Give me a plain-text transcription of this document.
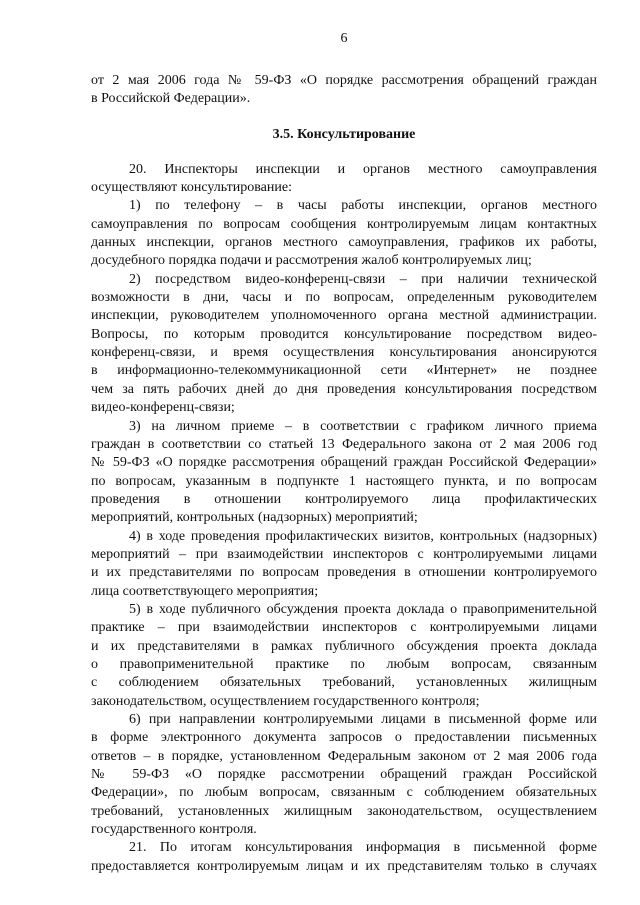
6
от 2 мая 2006 года № 59-ФЗ «О порядке рассмотрения обращений граждан
в Российской Федерации».
3.5. Консультирование
20. Инспекторы инспекции и органов местного самоуправления
осуществляют консультирование:
1) по телефону – в часы работы инспекции, органов местного
самоуправления по вопросам сообщения контролируемым лицам контактных
данных инспекции, органов местного самоуправления, графиков их работы,
досудебного порядка подачи и рассмотрения жалоб контролируемых лиц;
2) посредством видео-конференц-связи – при наличии технической
возможности в дни, часы и по вопросам, определенным руководителем
инспекции, руководителем уполномоченного органа местной администрации.
Вопросы, по которым проводится консультирование посредством видео-
конференц-связи, и время осуществления консультирования анонсируются
в информационно-телекоммуникационной сети «Интернет» не позднее
чем за пять рабочих дней до дня проведения консультирования посредством
видео-конференц-связи;
3) на личном приеме – в соответствии с графиком личного приема
граждан в соответствии со статьей 13 Федерального закона от 2 мая 2006 год
№ 59-ФЗ «О порядке рассмотрения обращений граждан Российской Федерации»
по вопросам, указанным в подпункте 1 настоящего пункта, и по вопросам
проведения в отношении контролируемого лица профилактических
мероприятий, контрольных (надзорных) мероприятий;
4) в ходе проведения профилактических визитов, контрольных (надзорных)
мероприятий – при взаимодействии инспекторов с контролируемыми лицами
и их представителями по вопросам проведения в отношении контролируемого
лица соответствующего мероприятия;
5) в ходе публичного обсуждения проекта доклада о правоприменительной
практике – при взаимодействии инспекторов с контролируемыми лицами
и их представителями в рамках публичного обсуждения проекта доклада
о правоприменительной практике по любым вопросам, связанным
с соблюдением обязательных требований, установленных жилищным
законодательством, осуществлением государственного контроля;
6) при направлении контролируемыми лицами в письменной форме или
в форме электронного документа запросов о предоставлении письменных
ответов – в порядке, установленном Федеральным законом от 2 мая 2006 года
№ 59-ФЗ «О порядке рассмотрении обращений граждан Российской
Федерации», по любым вопросам, связанным с соблюдением обязательных
требований, установленных жилищным законодательством, осуществлением
государственного контроля.
21. По итогам консультирования информация в письменной форме
предоставляется контролируемым лицам и их представителям только в случаях
